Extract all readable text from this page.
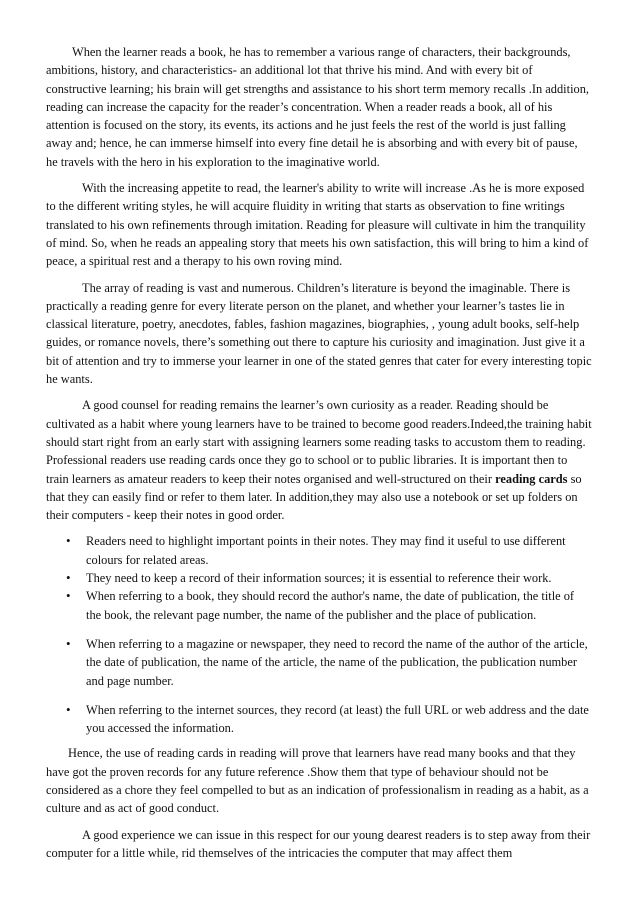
When the learner reads a book, he has to remember a various range of characters, their backgrounds, ambitions, history, and characteristics- an additional lot that thrive his mind. And with every bit of constructive learning; his brain will get strengths and assistance to his short term memory recalls .In addition, reading can increase the capacity for the reader’s concentration. When a reader reads a book, all of his attention is focused on the story, its events, its actions and he just feels the rest of the world is just falling away and; hence, he can immerse himself into every fine detail he is absorbing and with every bit of pause, he travels with the hero in his exploration to the imaginative world.

With the increasing appetite to read, the learner's ability to write will increase .As he is more exposed to the different writing styles, he will acquire fluidity in writing that starts as observation to fine writings translated to his own refinements through imitation. Reading for pleasure will cultivate in him the tranquility of mind. So, when he reads an appealing story that meets his own satisfaction, this will bring to him a kind of peace, a spiritual rest and a therapy to his own roving mind.

The array of reading is vast and numerous. Children’s literature is beyond the imaginable. There is practically a reading genre for every literate person on the planet, and whether your learner’s tastes lie in classical literature, poetry, anecdotes, fables, fashion magazines, biographies, , young adult books, self-help guides, or romance novels, there’s something out there to capture his curiosity and imagination. Just give it a bit of attention and try to immerse your learner in one of the stated genres that cater for every interesting topic he wants.

A good counsel for reading remains the learner’s own curiosity as a reader. Reading should be cultivated as a habit where young learners have to be trained to become good readers.Indeed,the training habit should start right from an early start with assigning learners some reading tasks to accustom them to reading. Professional readers use reading cards once they go to school or to public libraries. It is important then to train learners as amateur readers to keep their notes organised and well-structured on their reading cards so that they can easily find or refer to them later. In addition,they may also use a notebook or set up folders on their computers - keep their notes in good order.

• Readers need to highlight important points in their notes. They may find it useful to use different colours for related areas.
• They need to keep a record of their information sources; it is essential to reference their work.
• When referring to a book, they should record the author's name, the date of publication, the title of the book, the relevant page number, the name of the publisher and the place of publication.
• When referring to a magazine or newspaper, they need to record the name of the author of the article, the date of publication, the name of the article, the name of the publication, the publication number and page number.
• When referring to the internet sources, they record (at least) the full URL or web address and the date you accessed the information.

Hence, the use of reading cards in reading will prove that learners have read many books and that they have got the proven records for any future reference .Show them that type of behaviour should not be considered as a chore they feel compelled to but as an indication of professionalism in reading as a habit, as a culture and as act of good conduct.

A good experience we can issue in this respect for our young dearest readers is to step away from their computer for a little while, rid themselves of the intricacies the computer that may affect them
